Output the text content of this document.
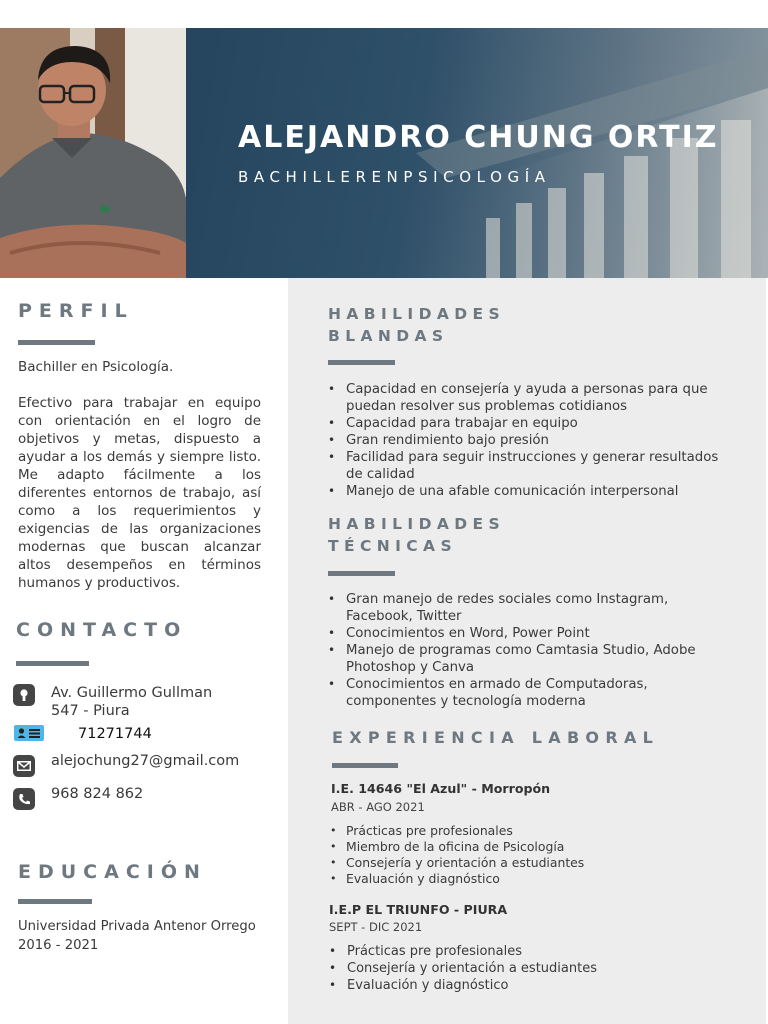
ALEJANDRO CHUNG ORTIZ
BACHILLERENPSICOLOGÍA
PERFIL
Bachiller en Psicología.
Efectivo para trabajar en equipo con orientación en el logro de objetivos y metas, dispuesto a ayudar a los demás y siempre listo. Me adapto fácilmente a los diferentes entornos de trabajo, así como a los requerimientos y exigencias de las organizaciones modernas que buscan alcanzar altos desempeños en términos humanos y productivos.
CONTACTO
Av. Guillermo Gullman
547 - Piura
71271744
alejochung27@gmail.com
968 824 862
EDUCACIÓN
Universidad Privada Antenor Orrego
2016 - 2021
HABILIDADES
BLANDAS
• Capacidad en consejería y ayuda a personas para que puedan resolver sus problemas cotidianos
• Capacidad para trabajar en equipo
• Gran rendimiento bajo presión
• Facilidad para seguir instrucciones y generar resultados de calidad
• Manejo de una afable comunicación interpersonal
HABILIDADES
TÉCNICAS
• Gran manejo de redes sociales como Instagram, Facebook, Twitter
• Conocimientos en Word, Power Point
• Manejo de programas como Camtasia Studio, Adobe Photoshop y Canva
• Conocimientos en armado de Computadoras, componentes y tecnología moderna
EXPERIENCIA LABORAL
I.E. 14646 "El Azul" - Morropón
ABR - AGO 2021
• Prácticas pre profesionales
• Miembro de la oficina de Psicología
• Consejería y orientación a estudiantes
• Evaluación y diagnóstico
I.E.P EL TRIUNFO - PIURA
SEPT - DIC 2021
• Prácticas pre profesionales
• Consejería y orientación a estudiantes
• Evaluación y diagnóstico
